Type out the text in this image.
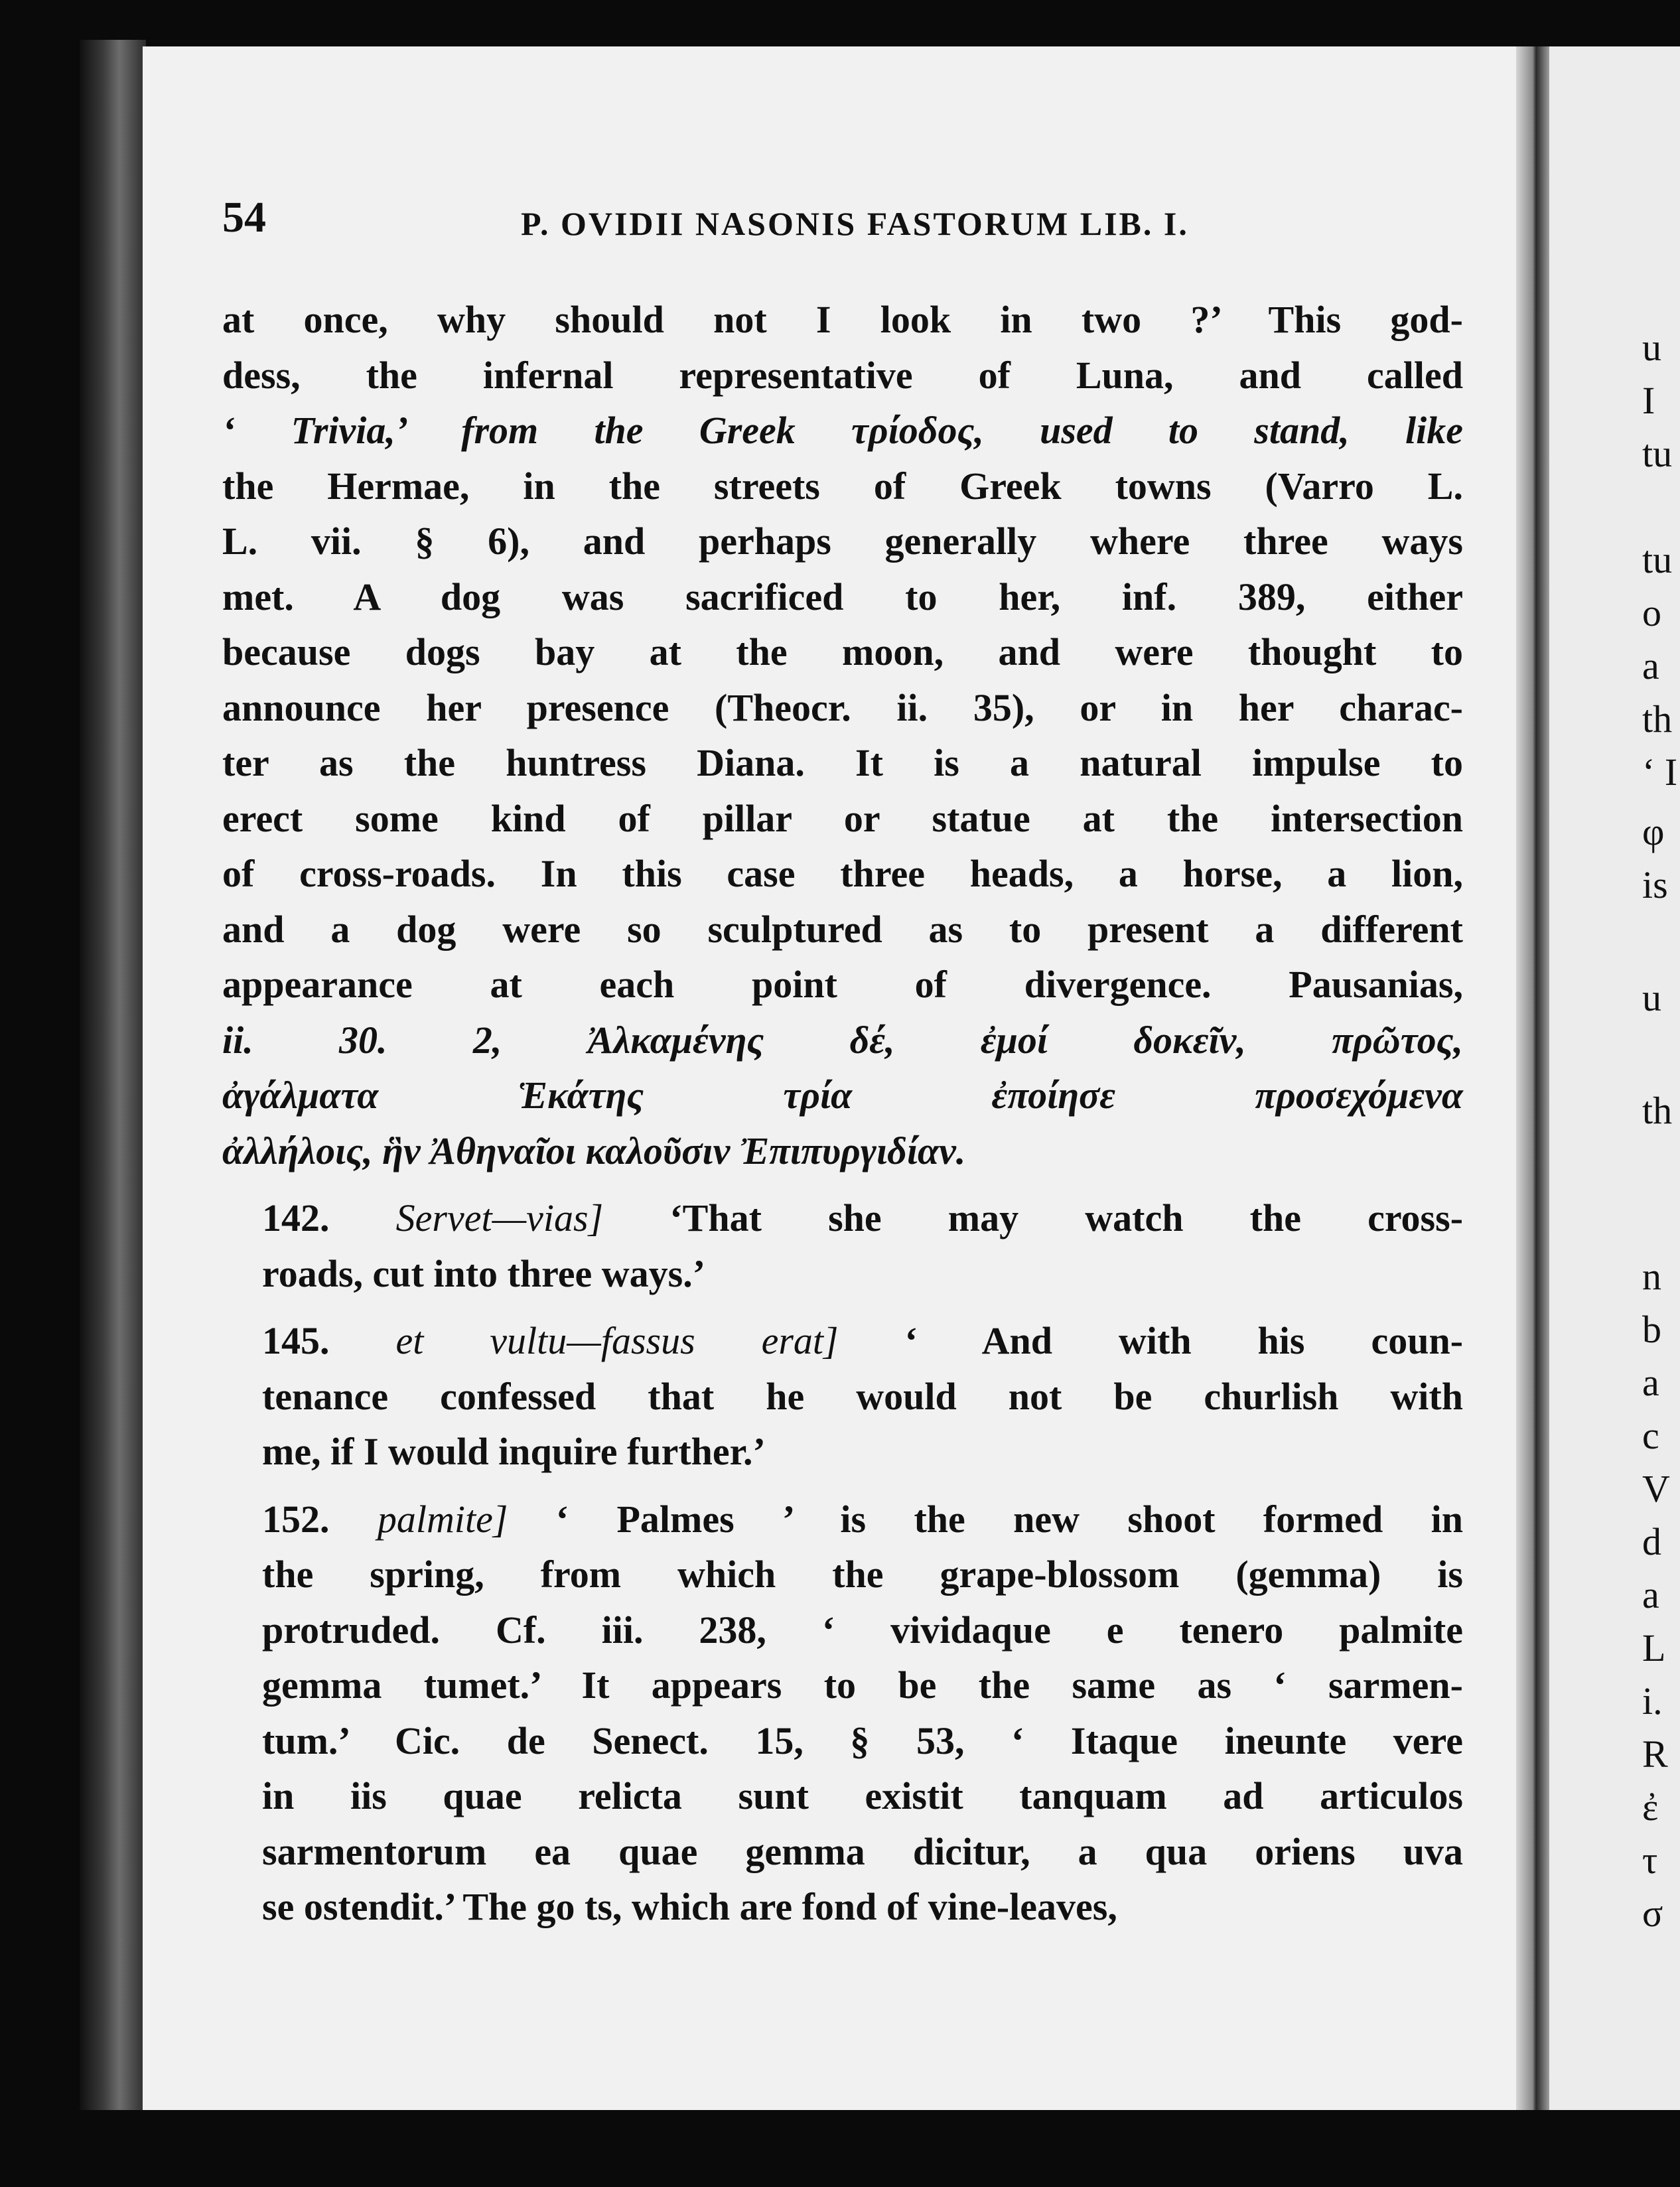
u
I
tu
tu
o
a
th
‘ I
φ
is
u
th
n
b
a
c
V
d
a
L
i.
R
ἐ
τ
σ
54	P. OVIDII NASONIS FASTORUM LIB. I.

at once, why should not I look in two ?’ This god-
dess, the infernal representative of Luna, and called
‘ Trivia,’ from the Greek τρίοδος, used to stand, like
the Hermae, in the streets of Greek towns (Varro L.
L. vii. § 6), and perhaps generally where three ways
met. A dog was sacrificed to her, inf. 389, either
because dogs bay at the moon, and were thought to
announce her presence (Theocr. ii. 35), or in her charac-
ter as the huntress Diana. It is a natural impulse to
erect some kind of pillar or statue at the intersection
of cross-roads. In this case three heads, a horse, a lion,
and a dog were so sculptured as to present a different
appearance at each point of divergence. Pausanias,
ii. 30. 2, Ἀλκαμένης δέ, ἐμοί δοκεῖν, πρῶτος,
ἀγάλματα Ἑκάτης τρία ἐποίησε προσεχόμενα
ἀλλήλοις, ἣν Ἀθηναῖοι καλοῦσιν Ἐπιπυργιδίαν.

142. Servet—vias] ‘That she may watch the cross-
roads, cut into three ways.’

145. et vultu—fassus erat] ‘ And with his coun-
tenance confessed that he would not be churlish with
me, if I would inquire further.’

152. palmite] ‘ Palmes ’ is the new shoot formed in
the spring, from which the grape-blossom (gemma) is
protruded. Cf. iii. 238, ‘ vividaque e tenero palmite
gemma tumet.’ It appears to be the same as ‘ sarmen-
tum.’ Cic. de Senect. 15, § 53, ‘ Itaque ineunte vere
in iis quae relicta sunt existit tanquam ad articulos
sarmentorum ea quae gemma dicitur, a qua oriens uva
se ostendit.’ The go ts, which are fond of vine-leaves,
